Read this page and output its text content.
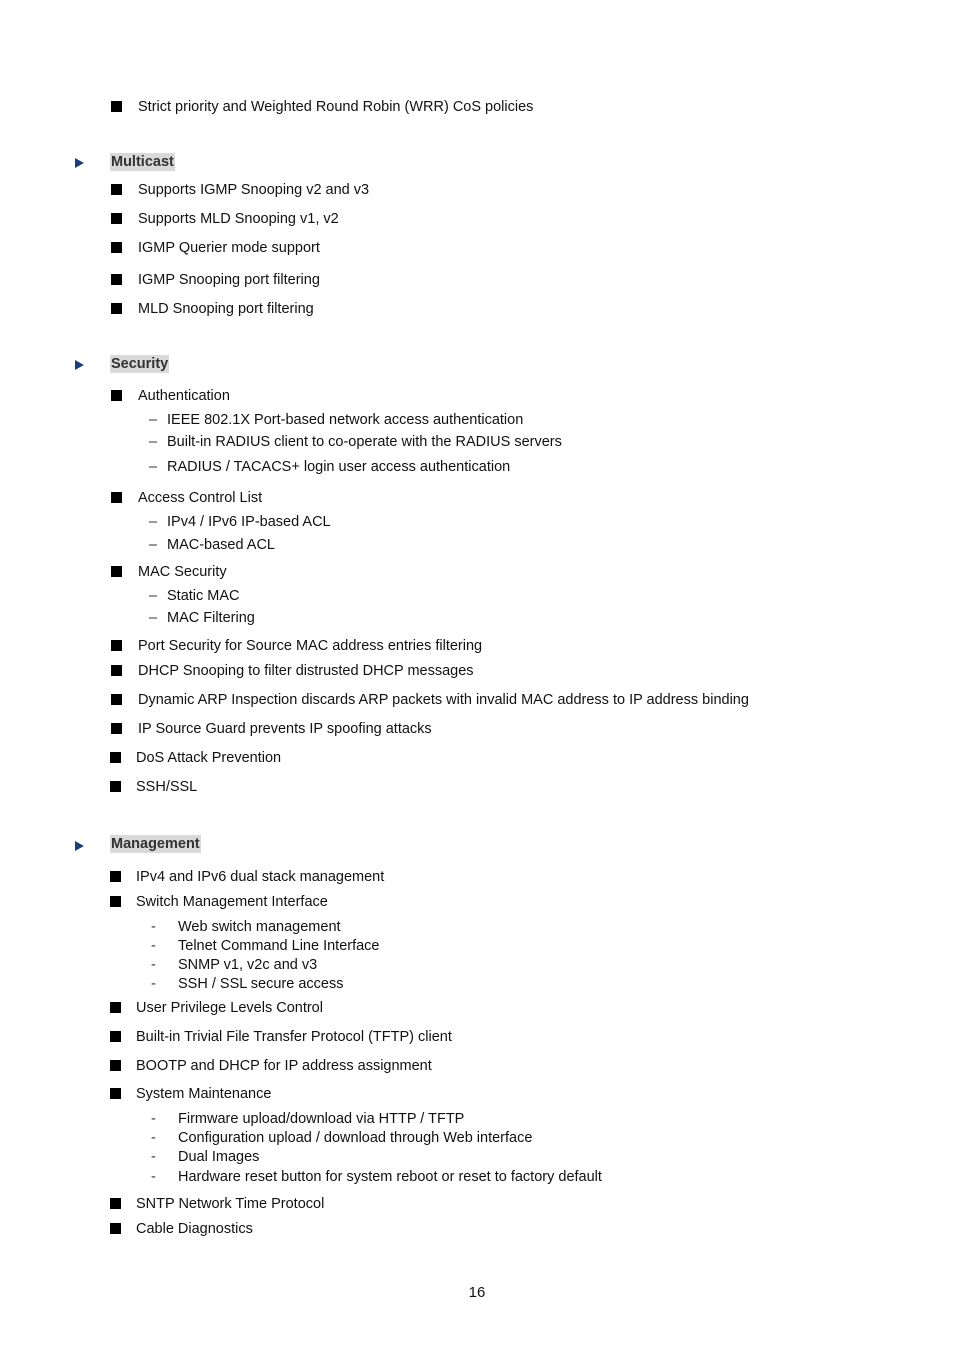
Strict priority and Weighted Round Robin (WRR) CoS policies
Multicast
Supports IGMP Snooping v2 and v3
Supports MLD Snooping v1, v2
IGMP Querier mode support
IGMP Snooping port filtering
MLD Snooping port filtering
Security
Authentication
– IEEE 802.1X Port-based network access authentication
– Built-in RADIUS client to co-operate with the RADIUS servers
– RADIUS / TACACS+ login user access authentication
Access Control List
– IPv4 / IPv6 IP-based ACL
– MAC-based ACL
MAC Security
– Static MAC
– MAC Filtering
Port Security for Source MAC address entries filtering
DHCP Snooping to filter distrusted DHCP messages
Dynamic ARP Inspection discards ARP packets with invalid MAC address to IP address binding
IP Source Guard prevents IP spoofing attacks
DoS Attack Prevention
SSH/SSL
Management
IPv4 and IPv6 dual stack management
Switch Management Interface
- Web switch management
- Telnet Command Line Interface
- SNMP v1, v2c and v3
- SSH / SSL secure access
User Privilege Levels Control
Built-in Trivial File Transfer Protocol (TFTP) client
BOOTP and DHCP for IP address assignment
System Maintenance
- Firmware upload/download via HTTP / TFTP
- Configuration upload / download through Web interface
- Dual Images
- Hardware reset button for system reboot or reset to factory default
SNTP Network Time Protocol
Cable Diagnostics
16
